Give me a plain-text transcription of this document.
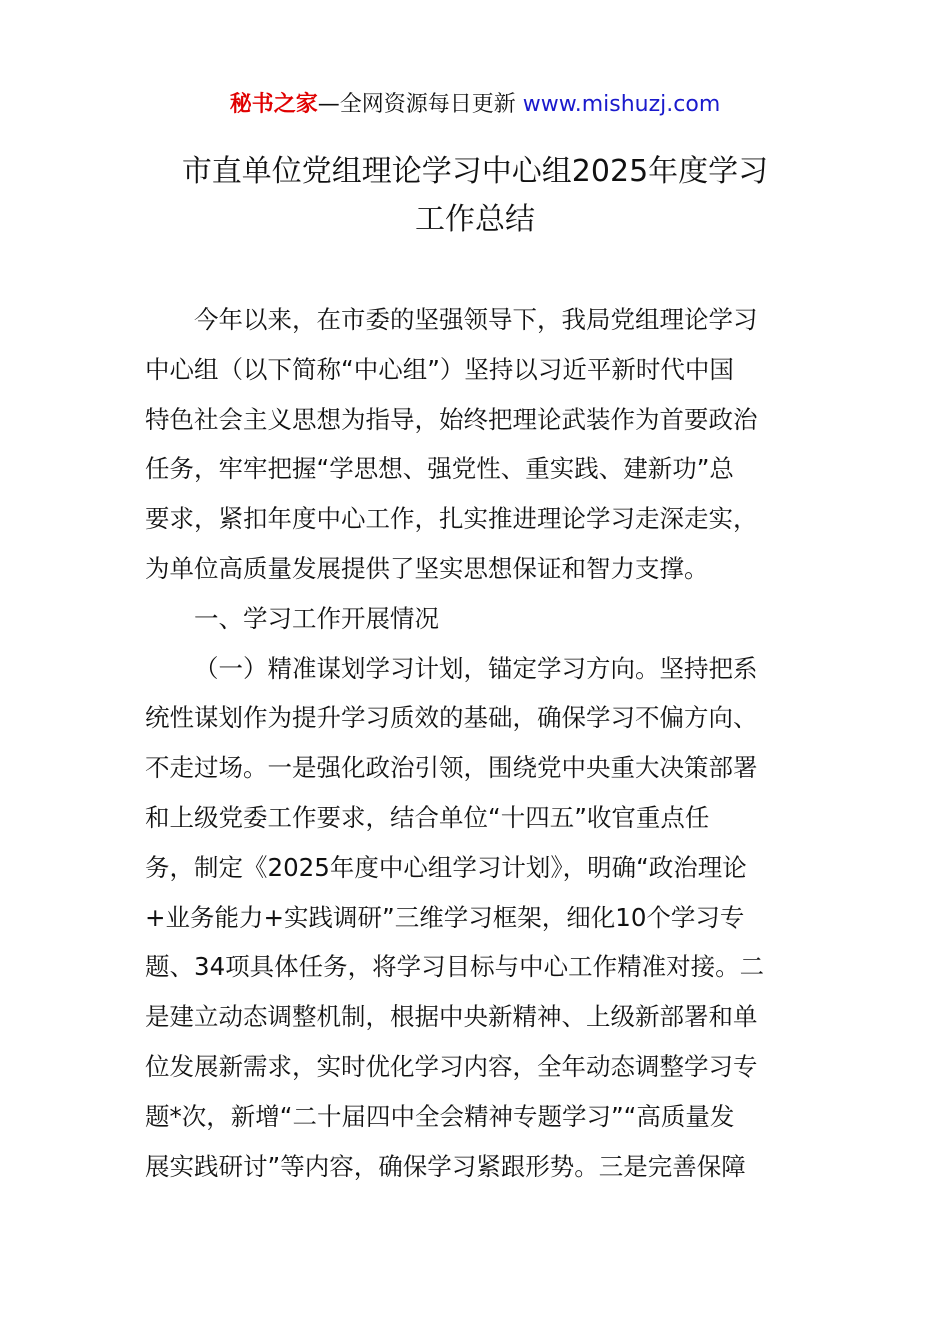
秘书之家—全网资源每日更新 www.mishuzj.com
市直单位党组理论学习中心组2025年度学习
工作总结
今年以来，在市委的坚强领导下，我局党组理论学习
中心组（以下简称“中心组”）坚持以习近平新时代中国
特色社会主义思想为指导，始终把理论武装作为首要政治
任务，牢牢把握“学思想、强党性、重实践、建新功”总
要求，紧扣年度中心工作，扎实推进理论学习走深走实，
为单位高质量发展提供了坚实思想保证和智力支撑。
一、学习工作开展情况
（一）精准谋划学习计划，锚定学习方向。坚持把系
统性谋划作为提升学习质效的基础，确保学习不偏方向、
不走过场。一是强化政治引领，围绕党中央重大决策部署
和上级党委工作要求，结合单位“十四五”收官重点任
务，制定《2025年度中心组学习计划》，明确“政治理论
+业务能力+实践调研”三维学习框架，细化10个学习专
题、34项具体任务，将学习目标与中心工作精准对接。二
是建立动态调整机制，根据中央新精神、上级新部署和单
位发展新需求，实时优化学习内容，全年动态调整学习专
题*次，新增“二十届四中全会精神专题学习”“高质量发
展实践研讨”等内容，确保学习紧跟形势。三是完善保障
